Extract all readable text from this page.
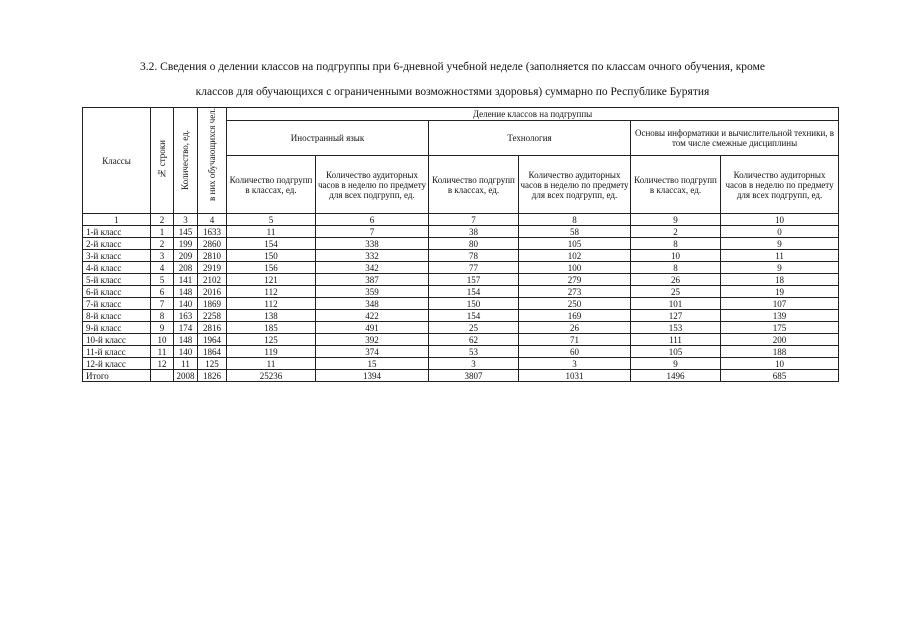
3.2. Сведения о делении классов на подгруппы при 6-дневной учебной неделе (заполняется по классам очного обучения, кроме
классов для обучающихся с ограниченными возможностями здоровья) суммарно по Республике Бурятия
Классы	№ строки	Количество, ед.	в них обучающихся чел.	Деление классов на подгруппы					
				Иностранный язык		Технология		Основы информатики и вычислительной техники, в том числе смежные дисциплины	
				Количество подгрупп в классах, ед.	Количество аудиторных часов в неделю по предмету для всех подгрупп, ед.	Количество подгрупп в классах, ед.	Количество аудиторных часов в неделю по предмету для всех подгрупп, ед.	Количество подгрупп в классах, ед.	Количество аудиторных часов в неделю по предмету для всех подгрупп, ед.
1	2	3	4	5	6	7	8	9	10
1-й класс	1	145	1633	11	7	38	58	2	0
2-й класс	2	199	2860	154	338	80	105	8	9
3-й класс	3	209	2810	150	332	78	102	10	11
4-й класс	4	208	2919	156	342	77	100	8	9
5-й класс	5	141	2102	121	387	157	279	26	18
6-й класс	6	148	2016	112	359	154	273	25	19
7-й класс	7	140	1869	112	348	150	250	101	107
8-й класс	8	163	2258	138	422	154	169	127	139
9-й класс	9	174	2816	185	491	25	26	153	175
10-й класс	10	148	1964	125	392	62	71	111	200
11-й класс	11	140	1864	119	374	53	60	105	188
12-й класс	12	11	125	11	15	3	3	9	10
Итого		2008	1826	25236	1394	3807	1031	1496	685
